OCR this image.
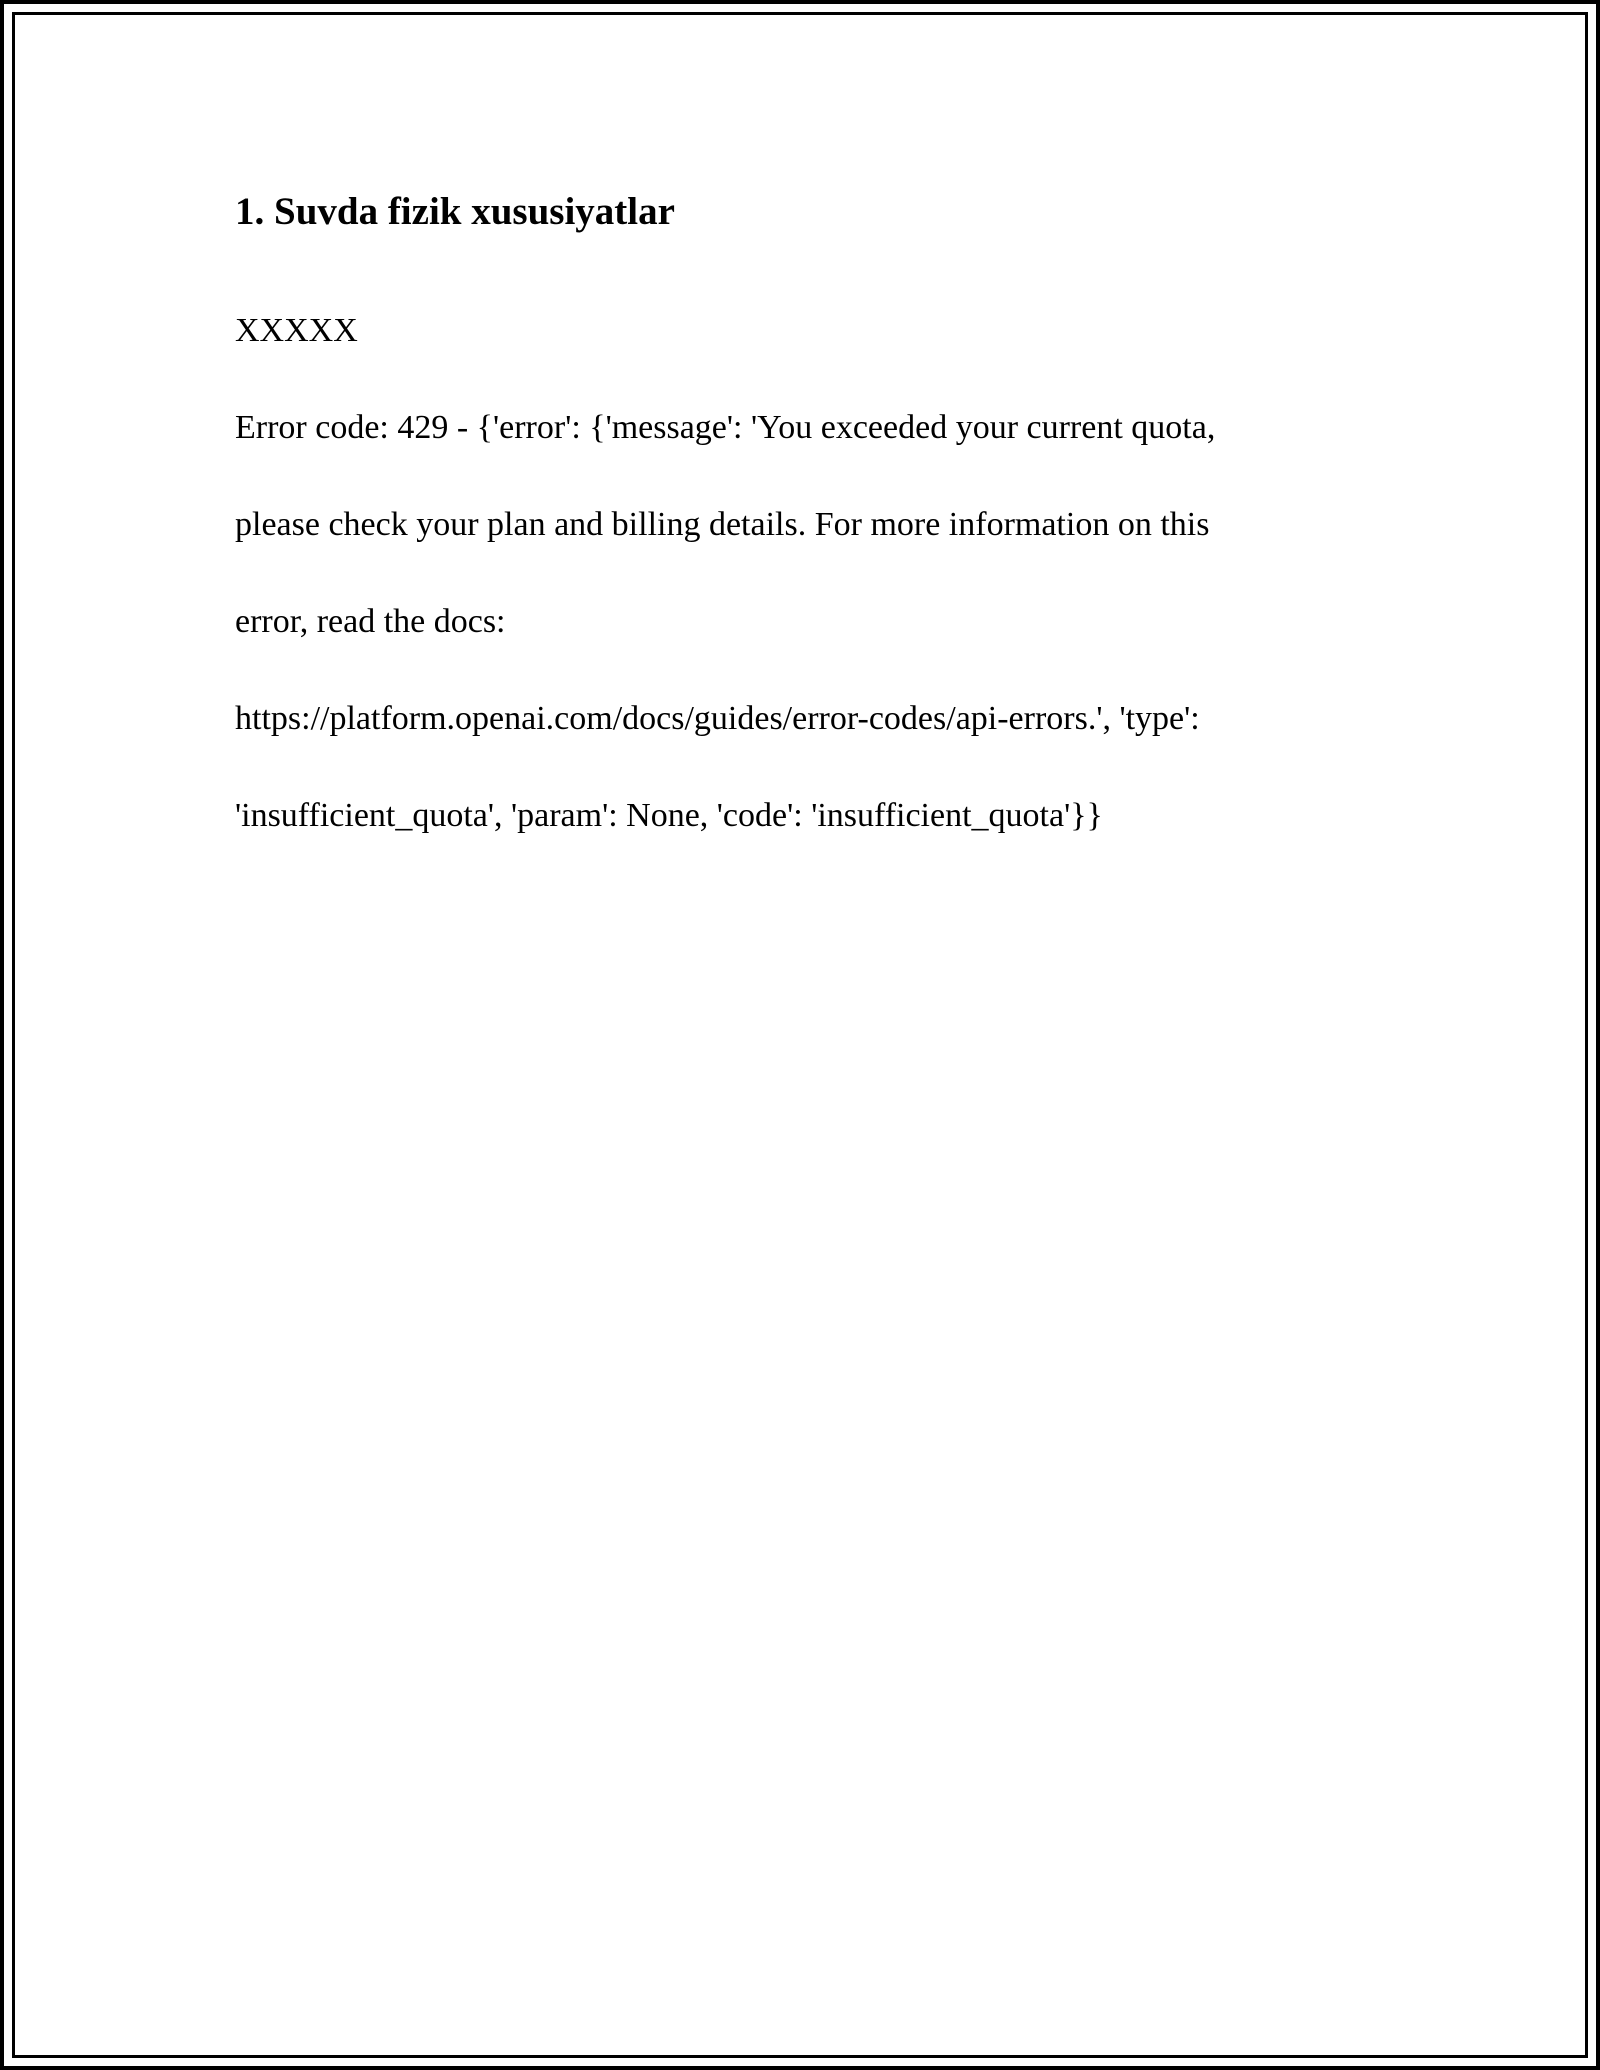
1. Suvda fizik xususiyatlar

XXXXX

Error code: 429 - {'error': {'message': 'You exceeded your current quota,

please check your plan and billing details. For more information on this

error, read the docs:

https://platform.openai.com/docs/guides/error-codes/api-errors.', 'type':

'insufficient_quota', 'param': None, 'code': 'insufficient_quota'}}
